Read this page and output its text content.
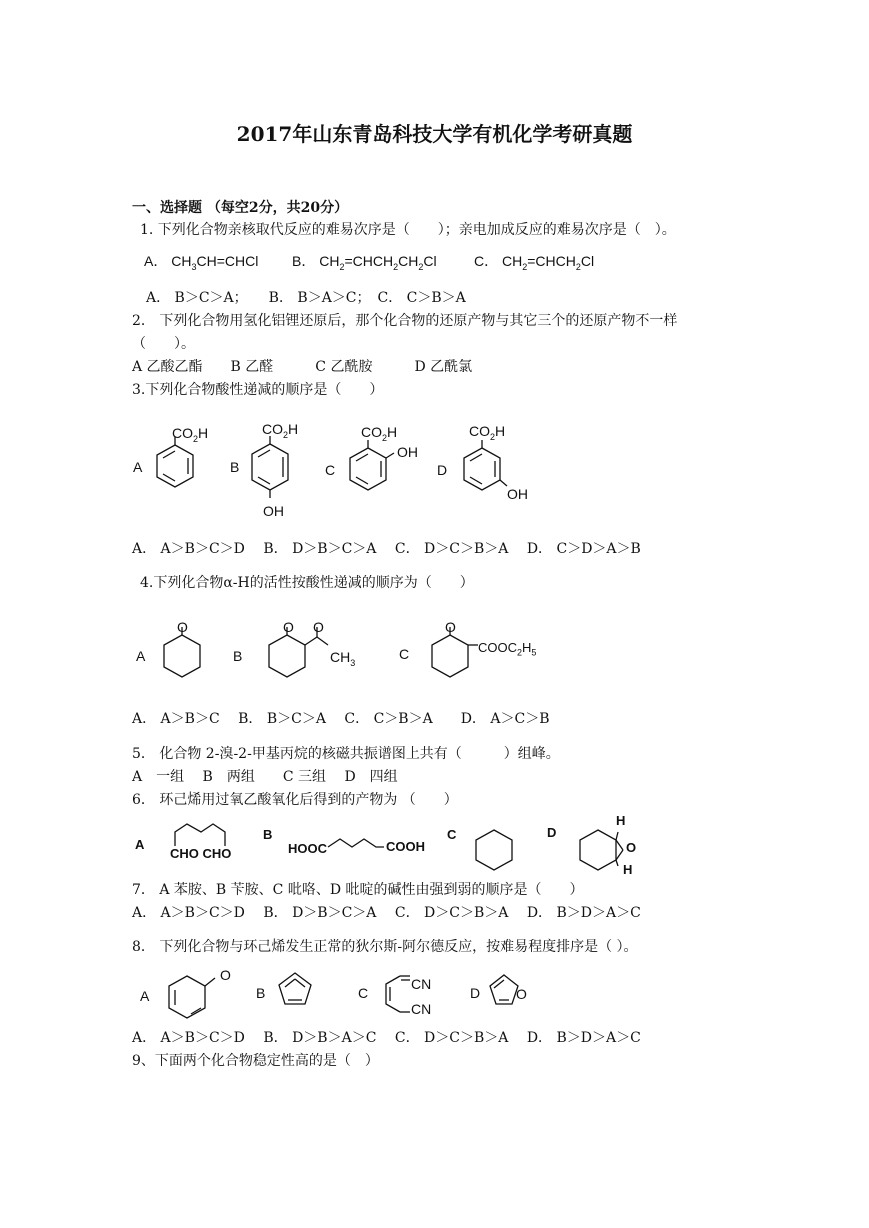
2017年山东青岛科技大学有机化学考研真题
一、选择题 （每空2分，共20分）
1. 下列化合物亲核取代反应的难易次序是（　　）；亲电加成反应的难易次序是（　）。
A． $CH_3CH=CHCl$ B． $CH_2=CHCH_2CH_2Cl$	C． $CH_2=CHCH_2Cl$
A． B＞C＞A；　　B． B＞A＞C；　C． C＞B＞A
2． 下列化合物用氢化铝锂还原后，那个化合物的还原产物与其它三个的还原产物不一样
（　　）。
A 乙酸乙酯　　B 乙醛　　　C 乙酰胺　　　D 乙酰氯
3.下列化合物酸性递减的顺序是（　　）
A
$CO_2H$
B
$CO_2H$
OH
C
$CO_2H$
OH
D
$CO_2H$
OH
A． A＞B＞C＞D　 B． D＞B＞C＞A　 C． D＞C＞B＞A　 D． C＞D＞A＞B
4.下列化合物α-H的活性按酸性递减的顺序为（　　）
A
O
B
O O
$CH_3$
C
O
$COOC_2H_5$
A． A＞B＞C　 B． B＞C＞A　 C． C＞B＞A　　D． A＞C＞B
5． 化合物 2-溴-2-甲基丙烷的核磁共振谱图上共有（　　　）组峰。
A　一组　 B　两组　　C 三组　 D　四组
6． 环己烯用过氧乙酸氧化后得到的产物为 （　　）
A
CHO CHO
B
HOOC	COOH
C	D
H
O
H
7． A 苯胺、B 苄胺、C 吡咯、D 吡啶的碱性由强到弱的顺序是（　　）
A． A＞B＞C＞D　 B． D＞B＞C＞A　 C． D＞C＞B＞A　 D． B＞D＞A＞C
8． 下列化合物与环己烯发生正常的狄尔斯-阿尔德反应，按难易程度排序是（ ）。
A
O
B	C
CN
CN
D	O
A． A＞B＞C＞D　 B． D＞B＞A＞C　 C． D＞C＞B＞A　 D． B＞D＞A＞C
9、下面两个化合物稳定性高的是（　）
